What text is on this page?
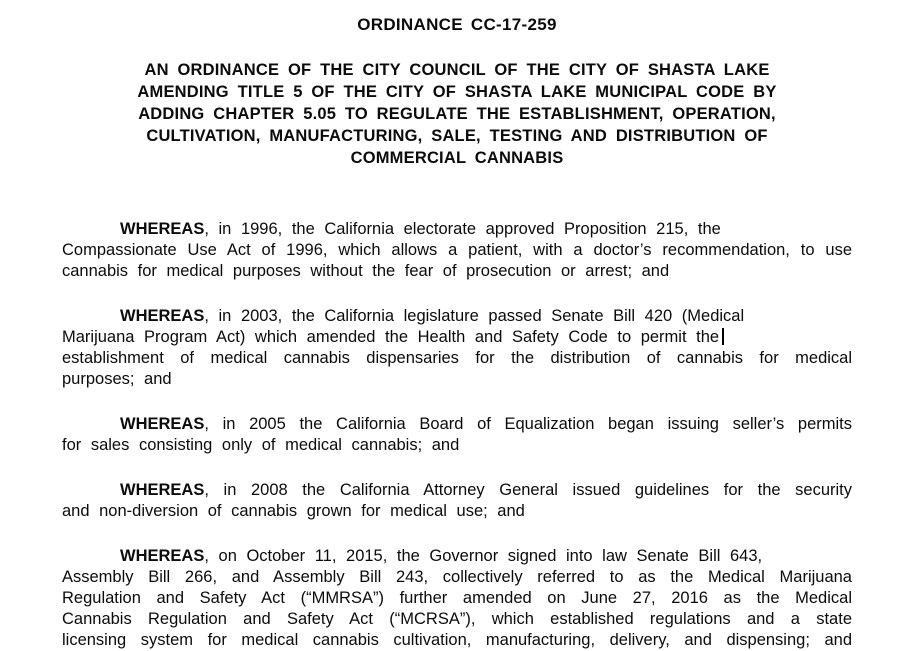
ORDINANCE CC-17-259
AN ORDINANCE OF THE CITY COUNCIL OF THE CITY OF SHASTA LAKE
AMENDING TITLE 5 OF THE CITY OF SHASTA LAKE MUNICIPAL CODE BY
ADDING CHAPTER 5.05 TO REGULATE THE ESTABLISHMENT, OPERATION,
CULTIVATION, MANUFACTURING, SALE, TESTING AND DISTRIBUTION OF
COMMERCIAL CANNABIS

WHEREAS, in 1996, the California electorate approved Proposition 215, the
Compassionate Use Act of 1996, which allows a patient, with a doctor’s recommendation, to use
cannabis for medical purposes without the fear of prosecution or arrest; and

WHEREAS, in 2003, the California legislature passed Senate Bill 420 (Medical
Marijuana Program Act) which amended the Health and Safety Code to permit the
establishment of medical cannabis dispensaries for the distribution of cannabis for medical
purposes; and

WHEREAS, in 2005 the California Board of Equalization began issuing seller’s permits
for sales consisting only of medical cannabis; and

WHEREAS, in 2008 the California Attorney General issued guidelines for the security
and non-diversion of cannabis grown for medical use; and

WHEREAS, on October 11, 2015, the Governor signed into law Senate Bill 643,
Assembly Bill 266, and Assembly Bill 243, collectively referred to as the Medical Marijuana
Regulation and Safety Act (“MMRSA”) further amended on June 27, 2016 as the Medical
Cannabis Regulation and Safety Act (“MCRSA”), which established regulations and a state
licensing system for medical cannabis cultivation, manufacturing, delivery, and dispensing; and
